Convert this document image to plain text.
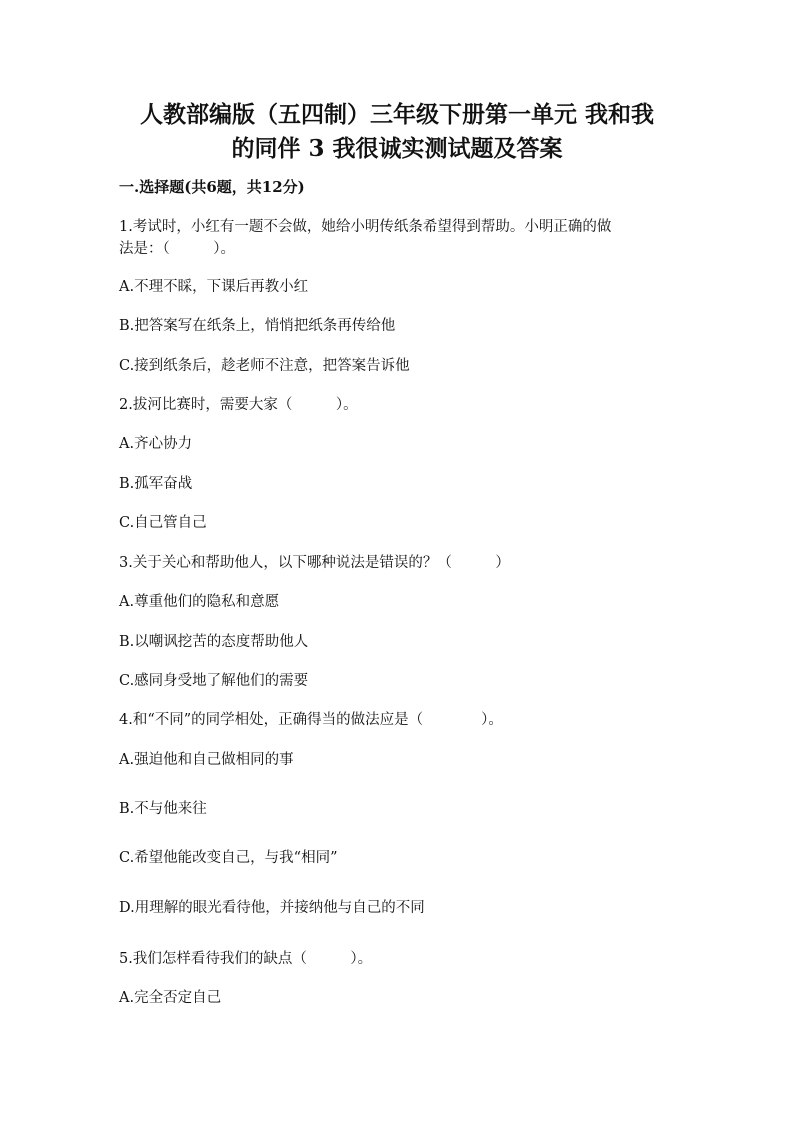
人教部编版（五四制）三年级下册第一单元 我和我
的同伴 3 我很诚实测试题及答案
一.选择题(共6题，共12分)
1.考试时，小红有一题不会做，她给小明传纸条希望得到帮助。小明正确的做
法是：（　　　）。
A.不理不睬，下课后再教小红
B.把答案写在纸条上，悄悄把纸条再传给他
C.接到纸条后，趁老师不注意，把答案告诉他
2.拔河比赛时，需要大家（　　　）。
A.齐心协力
B.孤军奋战
C.自己管自己
3.关于关心和帮助他人，以下哪种说法是错误的？（　　　）
A.尊重他们的隐私和意愿
B.以嘲讽挖苦的态度帮助他人
C.感同身受地了解他们的需要
4.和“不同”的同学相处，正确得当的做法应是（　　　　）。
A.强迫他和自己做相同的事
B.不与他来往
C.希望他能改变自己，与我“相同”
D.用理解的眼光看待他，并接纳他与自己的不同
5.我们怎样看待我们的缺点（　　　）。
A.完全否定自己
